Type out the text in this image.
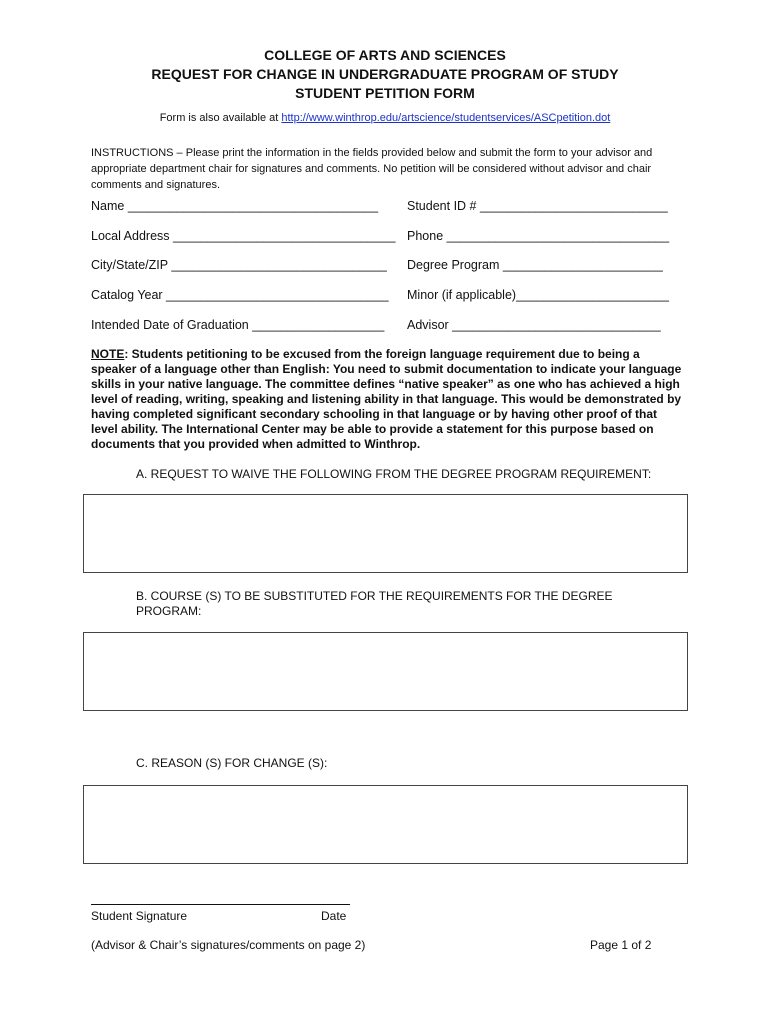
COLLEGE OF ARTS AND SCIENCES
REQUEST FOR CHANGE IN UNDERGRADUATE PROGRAM OF STUDY
STUDENT PETITION FORM
Form is also available at http://www.winthrop.edu/artscience/studentservices/ASCpetition.dot
INSTRUCTIONS – Please print the information in the fields provided below and submit the form to your advisor and appropriate department chair for signatures and comments. No petition will be considered without advisor and chair comments and signatures.
Name ____________________________________ Student ID # ___________________________
Local Address ________________________________ Phone ________________________________
City/State/ZIP _______________________________ Degree Program _______________________
Catalog Year ________________________________ Minor (if applicable)______________________
Intended Date of Graduation ___________________ Advisor ______________________________
NOTE: Students petitioning to be excused from the foreign language requirement due to being a speaker of a language other than English: You need to submit documentation to indicate your language skills in your native language. The committee defines “native speaker” as one who has achieved a high level of reading, writing, speaking and listening ability in that language. This would be demonstrated by having completed significant secondary schooling in that language or by having other proof of that level ability. The International Center may be able to provide a statement for this purpose based on documents that you provided when admitted to Winthrop.
A. REQUEST TO WAIVE THE FOLLOWING FROM THE DEGREE PROGRAM REQUIREMENT:
B. COURSE (S) TO BE SUBSTITUTED FOR THE REQUIREMENTS FOR THE DEGREE PROGRAM:
C. REASON (S) FOR CHANGE (S):
Student Signature	Date
(Advisor & Chair’s signatures/comments on page 2)	Page 1 of 2
